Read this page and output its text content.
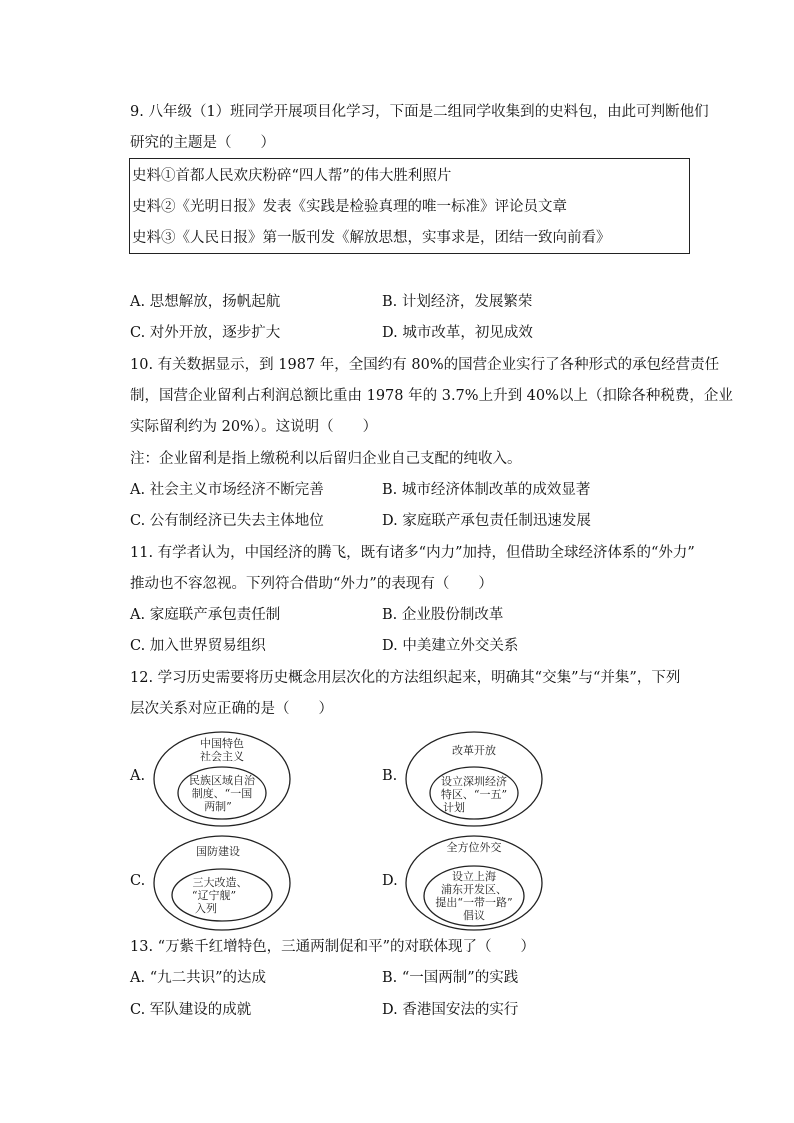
9. 八年级（1）班同学开展项目化学习，下面是二组同学收集到的史料包，由此可判断他们
研究的主题是（　　）
史料①首都人民欢庆粉碎“四人帮”的伟大胜利照片
史料②《光明日报》发表《实践是检验真理的唯一标准》评论员文章
史料③《人民日报》第一版刊发《解放思想，实事求是，团结一致向前看》
A. 思想解放，扬帆起航	B. 计划经济，发展繁荣
C. 对外开放，逐步扩大	D. 城市改革，初见成效
10. 有关数据显示，到 1987 年，全国约有 80%的国营企业实行了各种形式的承包经营责任
制，国营企业留利占利润总额比重由 1978 年的 3.7%上升到 40%以上（扣除各种税费，企业
实际留利约为 20%）。这说明（　　）
注：企业留利是指上缴税利以后留归企业自己支配的纯收入。
A. 社会主义市场经济不断完善	B. 城市经济体制改革的成效显著
C. 公有制经济已失去主体地位	D. 家庭联产承包责任制迅速发展
11. 有学者认为，中国经济的腾飞，既有诸多“内力”加持，但借助全球经济体系的“外力”
推动也不容忽视。下列符合借助“外力”的表现有（　　）
A. 家庭联产承包责任制	B. 企业股份制改革
C. 加入世界贸易组织	D. 中美建立外交关系
12. 学习历史需要将历史概念用层次化的方法组织起来，明确其“交集”与“并集”，下列
层次关系对应正确的是（　　）
A.
中国特色
社会主义
民族区域自治
制度、“一国
两制”
B.
改革开放
设立深圳经济
特区、“一五”
计划
C.
国防建设
三大改造、
“辽宁舰”
入列
D.
全方位外交
设立上海
浦东开发区、
提出“一带一路”
倡议
13. “万紫千红增特色，三通两制促和平”的对联体现了（　　）
A. “九二共识”的达成	B. “一国两制”的实践
C. 军队建设的成就	D. 香港国安法的实行
